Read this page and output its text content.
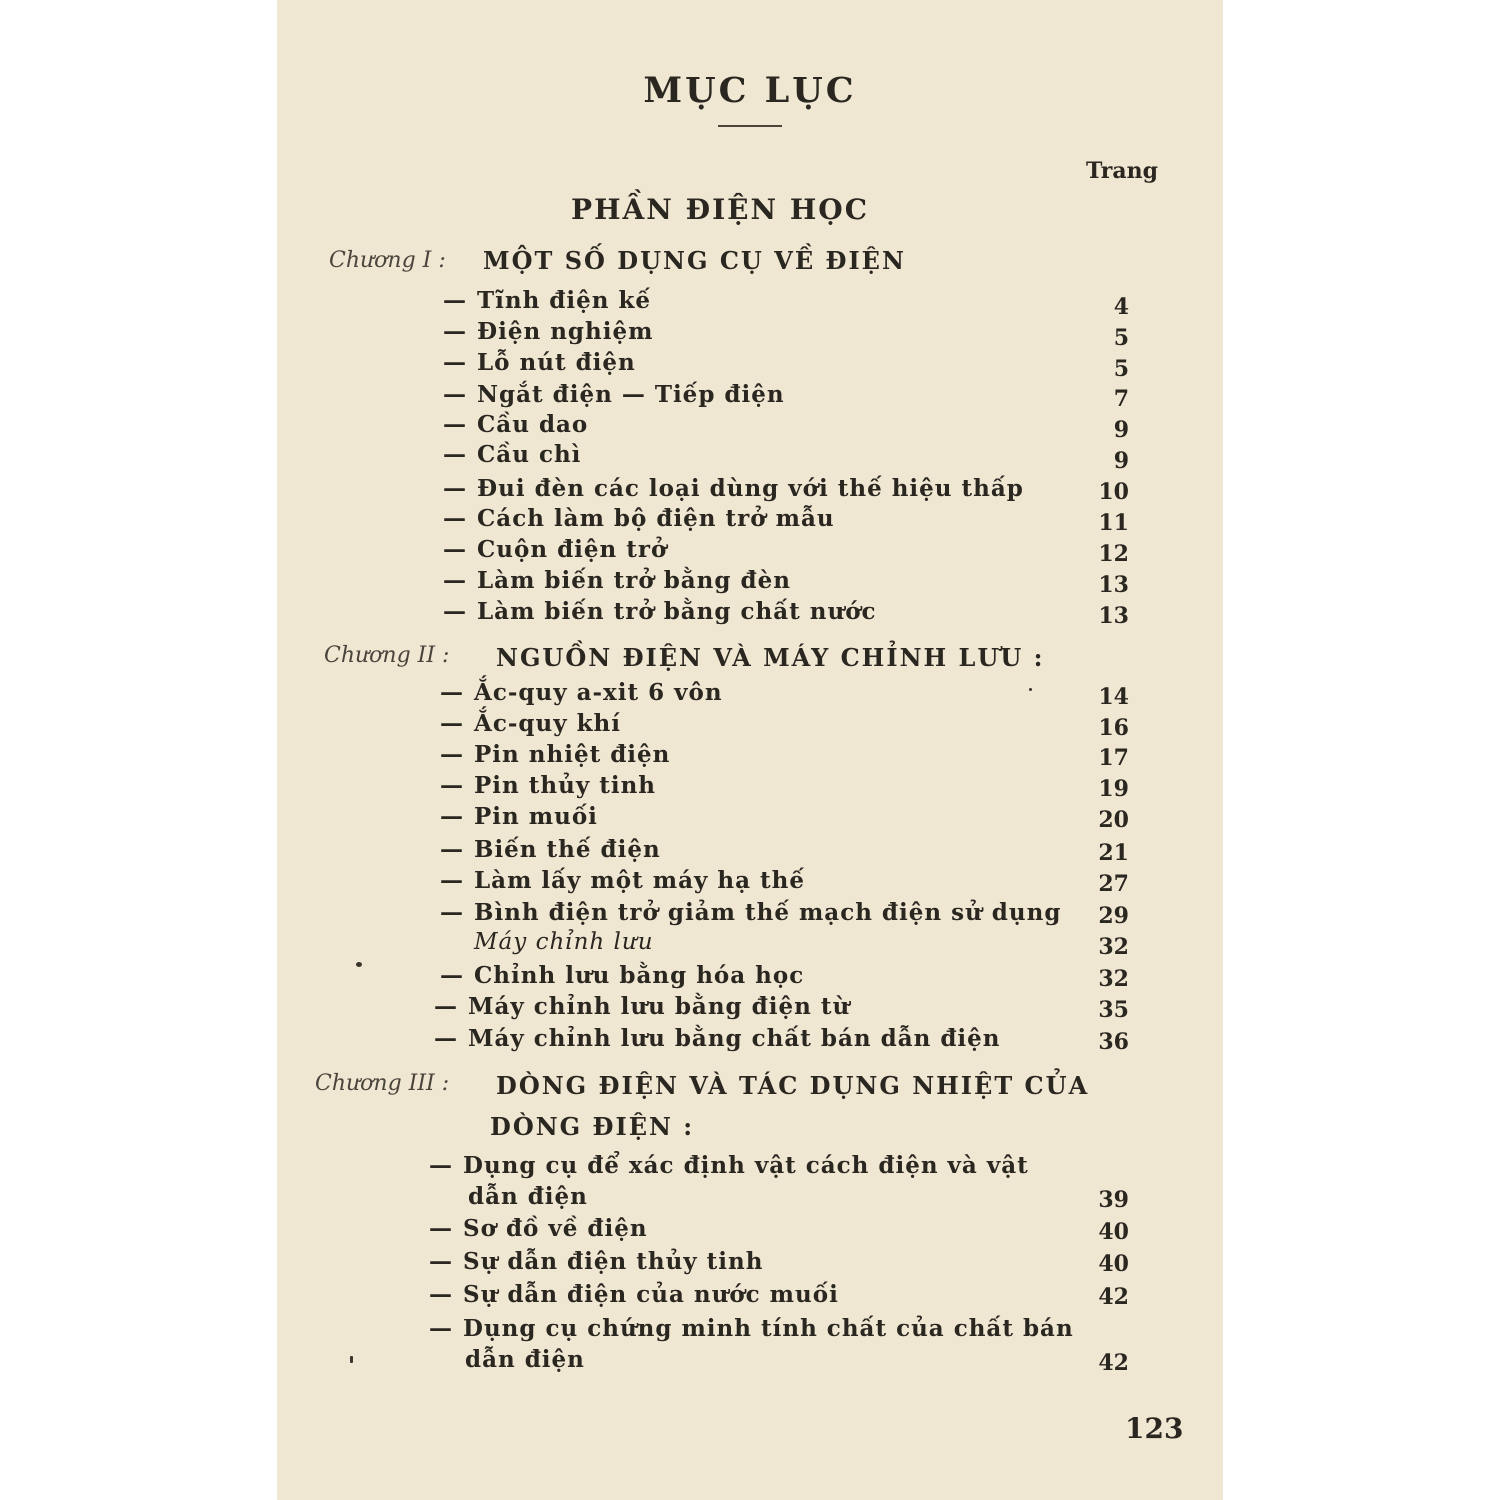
MỤC LỤC
Trang
PHẦN ĐIỆN HỌC
Chương I : MỘT SỐ DỤNG CỤ VỀ ĐIỆN
— Tĩnh điện kế	4
— Điện nghiệm	5
— Lỗ nút điện	5
— Ngắt điện — Tiếp điện	7
— Cầu dao	9
— Cầu chì	9
— Đui đèn các loại dùng với thế hiệu thấp	10
— Cách làm bộ điện trở mẫu	11
— Cuộn điện trở	12
— Làm biến trở bằng đèn	13
— Làm biến trở bằng chất nước	13
Chương II : NGUỒN ĐIỆN VÀ MÁY CHỈNH LƯU :
— Ắc-quy a-xit 6 vôn	14
— Ắc-quy khí	16
— Pin nhiệt điện	17
— Pin thủy tinh	19
— Pin muối	20
— Biến thế điện	21
— Làm lấy một máy hạ thế	27
— Bình điện trở giảm thế mạch điện sử dụng	29
Máy chỉnh lưu	32
— Chỉnh lưu bằng hóa học	32
— Máy chỉnh lưu bằng điện từ	35
— Máy chỉnh lưu bằng chất bán dẫn điện	36
Chương III : DÒNG ĐIỆN VÀ TÁC DỤNG NHIỆT CỦA
DÒNG ĐIỆN :
— Dụng cụ để xác định vật cách điện và vật
dẫn điện	39
— Sơ đồ về điện	40
— Sự dẫn điện thủy tinh	40
— Sự dẫn điện của nước muối	42
— Dụng cụ chứng minh tính chất của chất bán
dẫn điện	42
123
